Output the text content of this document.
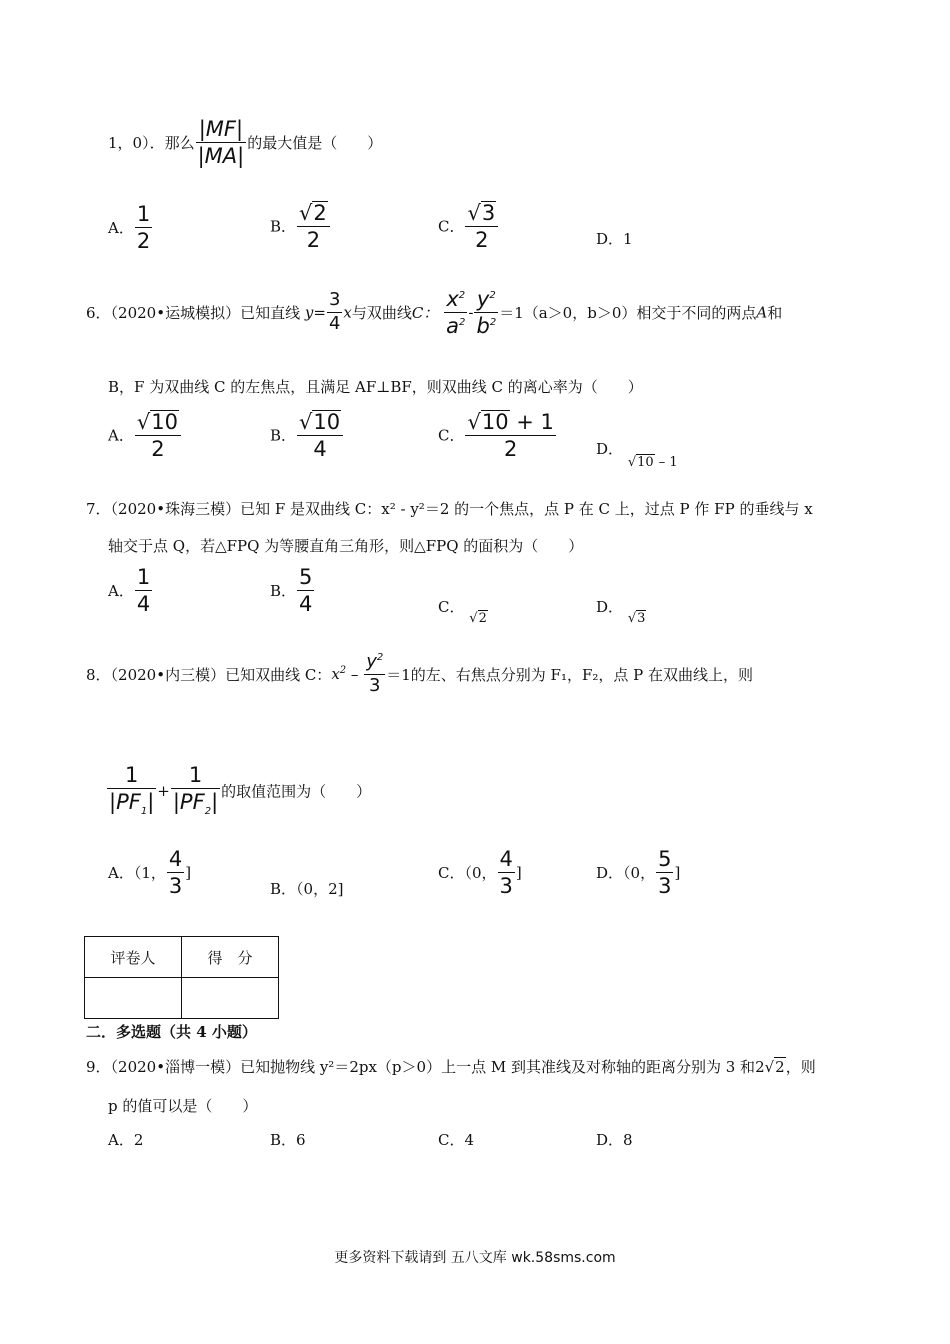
1，0）．那么 $\frac{|MF|}{|MA|}$ 的最大值是（　　）
A． $\frac{1}{2}$	B． $\frac{√2}{2}$	C． $\frac{√3}{2}$	D．1
6．（2020•运城模拟）已知直线 $y= \frac{3}{4}$ x与双曲线C： $\frac{x^2}{a^2} - \frac{y^2}{b^2} =1(a>0$，b＞0）相交于不同的两点A和
B，F 为双曲线 C 的左焦点，且满足 AF⊥BF，则双曲线 C 的离心率为（　　）
A． $\frac{√10}{2}$	B． $\frac{√10}{4}$	C． $\frac{√10 + 1}{2}$	D． √10 – 1
7．（2020•珠海三模）已知 F 是双曲线 C：x² - y²＝2 的一个焦点，点 P 在 C 上，过点 P 作 FP 的垂线与 x
轴交于点 Q，若△FPQ 为等腰直角三角形，则△FPQ 的面积为（　　）
A． $\frac{1}{4}$	B． $\frac{5}{4}$	C． √2
D． √3
8．（2020•内三模）已知双曲线 C：$x^2 - \frac{y^2}{3} =1$的左、右焦点分别为 F₁，F₂，点 P 在双曲线上，则
$\frac{1}{|PF_1|} + \frac{1}{|PF_2|}$ 的取值范围为（　　）
A．（1， $\frac{4}{3}$ ]
B．（0，2]
C．（0， $\frac{4}{3}$ ]	D．（0， $\frac{5}{3}$ ]
评卷人	得　分

二．多选题（共 4 小题）
9．（2020•淄博一模）已知抛物线 y²＝2px（p＞0）上一点 M 到其准线及对称轴的距离分别为 3 和2√2，则
p 的值可以是（　　）
A．2	B．6	C．4	D．8
更多资料下载请到 五八文库 wk.58sms.com
